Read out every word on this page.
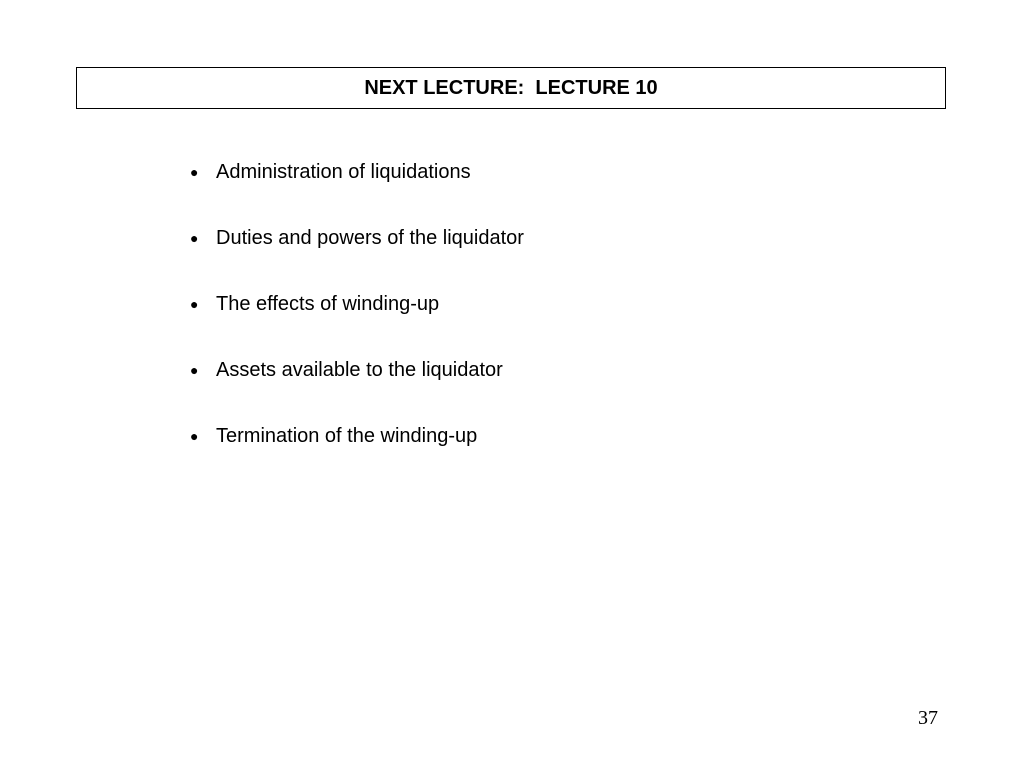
NEXT LECTURE:  LECTURE 10
● Administration of liquidations
● Duties and powers of the liquidator
● The effects of winding-up
● Assets available to the liquidator
● Termination of the winding-up
37
